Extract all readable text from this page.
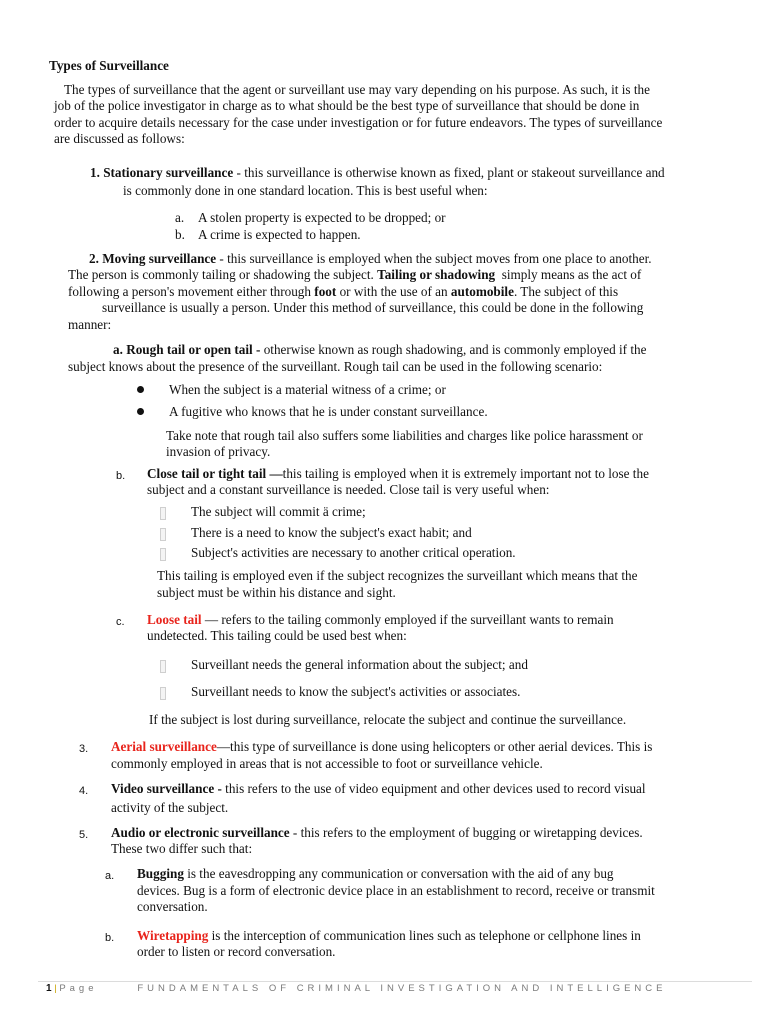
Types of Surveillance
The types of surveillance that the agent or surveillant use may vary depending on his purpose. As such, it is the
job of the police investigator in charge as to what should be the best type of surveillance that should be done in
order to acquire details necessary for the case under investigation or for future endeavors. The types of surveillance
are discussed as follows:
1. Stationary surveillance - this surveillance is otherwise known as fixed, plant or stakeout surveillance and
is commonly done in one standard location. This is best useful when:
a. A stolen property is expected to be dropped; or
b. A crime is expected to happen.
2. Moving surveillance - this surveillance is employed when the subject moves from one place to another.
The person is commonly tailing or shadowing the subject. Tailing or shadowing simply means as the act of
following a person's movement either through foot or with the use of an automobile. The subject of this
surveillance is usually a person. Under this method of surveillance, this could be done in the following
manner:
a. Rough tail or open tail - otherwise known as rough shadowing, and is commonly employed if the
subject knows about the presence of the surveillant. Rough tail can be used in the following scenario:
When the subject is a material witness of a crime; or
A fugitive who knows that he is under constant surveillance.
Take note that rough tail also suffers some liabilities and charges like police harassment or
invasion of privacy.
b. Close tail or tight tail —this tailing is employed when it is extremely important not to lose the
subject and a constant surveillance is needed. Close tail is very useful when:
The subject will commit ä crime;
There is a need to know the subject's exact habit; and
Subject's activities are necessary to another critical operation.
This tailing is employed even if the subject recognizes the surveillant which means that the
subject must be within his distance and sight.
c. Loose tail — refers to the tailing commonly employed if the surveillant wants to remain
undetected. This tailing could be used best when:
Surveillant needs the general information about the subject; and
Surveillant needs to know the subject's activities or associates.
If the subject is lost during surveillance, relocate the subject and continue the surveillance.
3. Aerial surveillance—this type of surveillance is done using helicopters or other aerial devices. This is
commonly employed in areas that is not accessible to foot or surveillance vehicle.
4. Video surveillance - this refers to the use of video equipment and other devices used to record visual
activity of the subject.
5. Audio or electronic surveillance - this refers to the employment of bugging or wiretapping devices.
These two differ such that:
a. Bugging is the eavesdropping any communication or conversation with the aid of any bug
devices. Bug is a form of electronic device place in an establishment to record, receive or transmit
conversation.
b. Wiretapping is the interception of communication lines such as telephone or cellphone lines in
order to listen or record conversation.
1 | Page	FUNDAMENTALS OF CRIMINAL INVESTIGATION AND INTELLIGENCE
